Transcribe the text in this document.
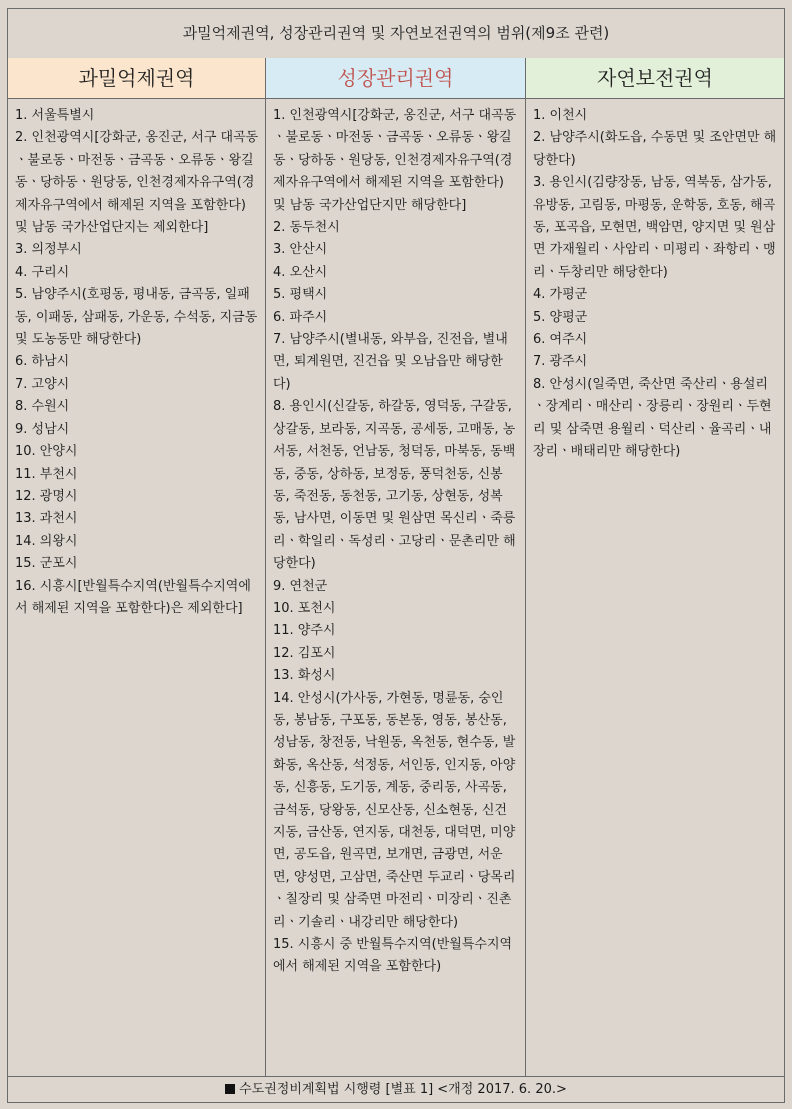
과밀억제권역, 성장관리권역 및 자연보전권역의 범위(제9조 관련)
과밀억제권역	성장관리권역	자연보전권역
1. 서울특별시
2. 인천광역시[강화군, 옹진군, 서구 대곡동ㆍ불로동ㆍ마전동ㆍ금곡동ㆍ오류동ㆍ왕길동ㆍ당하동ㆍ원당동, 인천경제자유구역(경제자유구역에서 해제된 지역을 포함한다) 및 남동 국가산업단지는 제외한다]
3. 의정부시
4. 구리시
5. 남양주시(호평동, 평내동, 금곡동, 일패동, 이패동, 삼패동, 가운동, 수석동, 지금동 및 도농동만 해당한다)
6. 하남시
7. 고양시
8. 수원시
9. 성남시
10. 안양시
11. 부천시
12. 광명시
13. 과천시
14. 의왕시
15. 군포시
16. 시흥시[반월특수지역(반월특수지역에서 해제된 지역을 포함한다)은 제외한다]
1. 인천광역시[강화군, 옹진군, 서구 대곡동ㆍ불로동ㆍ마전동ㆍ금곡동ㆍ오류동ㆍ왕길동ㆍ당하동ㆍ원당동, 인천경제자유구역(경제자유구역에서 해제된 지역을 포함한다) 및 남동 국가산업단지만 해당한다]
2. 동두천시
3. 안산시
4. 오산시
5. 평택시
6. 파주시
7. 남양주시(별내동, 와부읍, 진전읍, 별내면, 퇴계원면, 진건읍 및 오남읍만 해당한다)
8. 용인시(신갈동, 하갈동, 영덕동, 구갈동, 상갈동, 보라동, 지곡동, 공세동, 고매동, 농서동, 서천동, 언남동, 청덕동, 마북동, 동백동, 중동, 상하동, 보정동, 풍덕천동, 신봉동, 죽전동, 동천동, 고기동, 상현동, 성복동, 남사면, 이동면 및 원삼면 목신리ㆍ죽릉리ㆍ학일리ㆍ독성리ㆍ고당리ㆍ문촌리만 해당한다)
9. 연천군
10. 포천시
11. 양주시
12. 김포시
13. 화성시
14. 안성시(가사동, 가현동, 명륜동, 숭인동, 봉남동, 구포동, 동본동, 영동, 봉산동, 성남동, 창전동, 낙원동, 옥천동, 현수동, 발화동, 옥산동, 석정동, 서인동, 인지동, 아양동, 신흥동, 도기동, 계동, 중리동, 사곡동, 금석동, 당왕동, 신모산동, 신소현동, 신건지동, 금산동, 연지동, 대천동, 대덕면, 미양면, 공도읍, 원곡면, 보개면, 금광면, 서운면, 양성면, 고삼면, 죽산면 두교리ㆍ당목리ㆍ칠장리 및 삼죽면 마전리ㆍ미장리ㆍ진촌리ㆍ기솔리ㆍ내강리만 해당한다)
15. 시흥시 중 반월특수지역(반월특수지역에서 해제된 지역을 포함한다)
1. 이천시
2. 남양주시(화도읍, 수동면 및 조안면만 해당한다)
3. 용인시(김량장동, 남동, 역북동, 삼가동, 유방동, 고림동, 마평동, 운학동, 호동, 해곡동, 포곡읍, 모현면, 백암면, 양지면 및 원삼면 가재월리ㆍ사암리ㆍ미평리ㆍ좌항리ㆍ맹리ㆍ두창리만 해당한다)
4. 가평군
5. 양평군
6. 여주시
7. 광주시
8. 안성시(일죽면, 죽산면 죽산리ㆍ용설리ㆍ장계리ㆍ매산리ㆍ장릉리ㆍ장원리ㆍ두현리 및 삼죽면 용월리ㆍ덕산리ㆍ율곡리ㆍ내장리ㆍ배태리만 해당한다)
수도권정비계획법 시행령 [별표 1] <개정 2017. 6. 20.>
